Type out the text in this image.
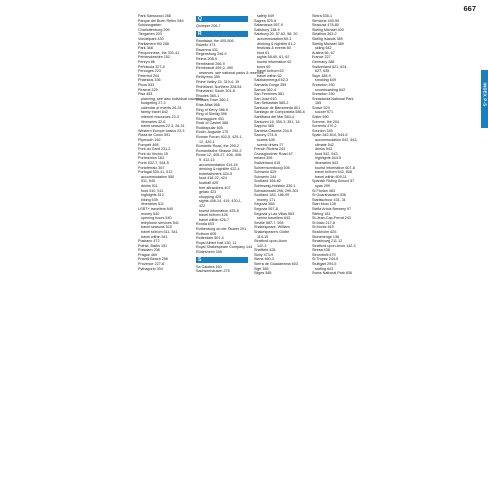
667
Park Sanssouci 268
Parque del Buen Retiro 546
Schlossgarten
Charlottenburg 209
Tiergarten 203
Vondelpark 430
Parliament Hill 268
Park 368
Peloponnese, the 331-41
Pembrokeshire 152
Penryn 86
Peñíscola 327-8
Pérouges 223
Peterhof 204
Phaestos 336
Picos 533
Piraeus 329
Pisa 453
planning, see also individual countries
budgeting 27-3
calendar of events 26-31
family travel 642
internet resources 22-3
itineraries 32-6
travel seasons 22-3, 26-31
Western Europe basics 22-3
Plaza de Colón 591
Plymouth 162
Pompeii 468
Pont du Gard 231-2
Pont du Vechio 15
Portmeirion 163
Porto 532-7, 534-5
Portoferraio 367
Portugal 530-41, 512
accommodation 550
511, 540
drinks 511
food 510, 511
highlights 512
hiking 539
itineraries 511
LGBT+ travellers 540
money 540
opening hours 540
telephone services 541
travel seasons 510
travel to/from 511, 541
travel within 541
Positano 472
Pothia, Baths 151
Potsdam 208
Prague 460
Praveli Beach 256
Provence 227-8
Pythagorio 304
Q
Quimper 206-7
R
Randstad, the 405-506
Ravello 473
Ravenna 431
Regensburg 296-9
Reims 208-9
Rembrandt 266-9
Rembrandt 459-0, 490
reserves, see national parks & reserves
Rethymno 359
Rhine Valley 15, 310-4, 19
Rhineland, Northern 328-54
Rhineland, South 301-8
Rhodes 360-1
Rhodes Town 360-1
Rías Altas 566
Ring of Kerry 386-9
Ring of Skellig 396
Riomaggiore 451
Rock of Cashel 386
Rocktapular 605
Rodin, Auguste 179
Roman Forum 402-5, 420-1,
12, 420-1
Romantic Road, the 290-2
Romantische Strasse 290-2
Rome 12, 405-27, 408, 408-
9, 412-13
accommodation 414-18
drinking & nightlife 422-4
entertainment 424-5
food 418-22, 424
football 425
free attractions 407
gelato 423
shopping 425
sights 406-14, 419, 420-1,
422
tourist information 425-6
travel to/from 426
travel within 426-7
Ronda 603
Rothenburg ob der Tauber 291
Rothorn 605
Rotterdam 501-4
Royal Albert Hall 130, 11
Royal Shakespeare Company 144
Rüdesheim 306
S
Sa Calobra 160
Sachsenhausen 275
safety 649
Sagres 575-6
Salamanca 557-9
Salisbury 138-9
Salzburg 20, 57-62, 58, 20
accommodation 60-1
drinking & nightlife 61-2
festivals & events 60
food 61
sights 58-60, 61, 62
tourist information 62
tours 60
travel to/from 62
travel within 62
Salzkammergut 62-3
Samaria Gorge 359
Samos 362-4
San Fermines 581
San José 610
San Sebastián 580-2
Sanlúcar de Barrameda 601
Santiago de Compostela 585-6
Santillana del Mar 583-4
Santorini 16, 350-3, 351, 16
Sappho 365
Sardinia Caserta 234-5
Saxony 274-8
scams 649
scenic drives 27
French Riviera 243
Grossglockner Road 67
Ireland 395
Switzerland 615
Schiermonnikoog 505
Schwerin 629
Schwerin 244
Scotland 166-82
Schleswig-Holstein 330-1
Schwarzwald 296, 299-301
Scotland 183, 186-99
money 171
Segovia 558
Segovia 557-8
Segovia y Las Villas 563
senior travellers 643
Seville 587-7, 594
Shakespeare, William
Shakespeare's Globe
114-15
Stratford-upon-Avon
142-3
Sheffield 428
Sicily 473-9
Siena 460-3
Sierra de Guadarrama 603
Sigri 365
Sitges 585
Sintra 535-1
Sirmione 449-50
Siracusa 478-80
Skellig Michael 400
Skiathos 363-2
Skellig Islands 389
Skellig Michael 389
skiing 642
Austria 66, 67
France 227
Germany 288
Switzerland 621, 624,
627, 635
Skye 188-9
smoking 649
Snowdon 150
snowboarding 642
Snowdon 150
Snowdonia National Park
165
Soave 529
soccer 571
Sóller 590
Somme, the 204
Sorrento 470-2
Sounion 345
Spain 542-610, 544-5
accommodation 542, 543,
climate 542
drinks 543
food 542, 543
highlights 544-5
itineraries 543
tourist information 607-8
travel to/from 543, 608
travel within 609-11
Spanish Riding School 57
spas 299
St Florian 463
St Goarshausen 306
Stadsschuur 431, 31
Stari Most 138
Stella Artois Brewery 97
Stirling 181
St-Jean-Cap-Ferrat 243
St Malo 217-8
St Moritz 615
Stockholm 625
Stonehenge 138
Strasbourg 211-12
Stratford-upon-Avon 142-3
Stresa 438
Strombolii 479
St Tropez 244-5
Stuttgart 294-5
surfing 643
Swiss National Park 636
INDEX P-S
